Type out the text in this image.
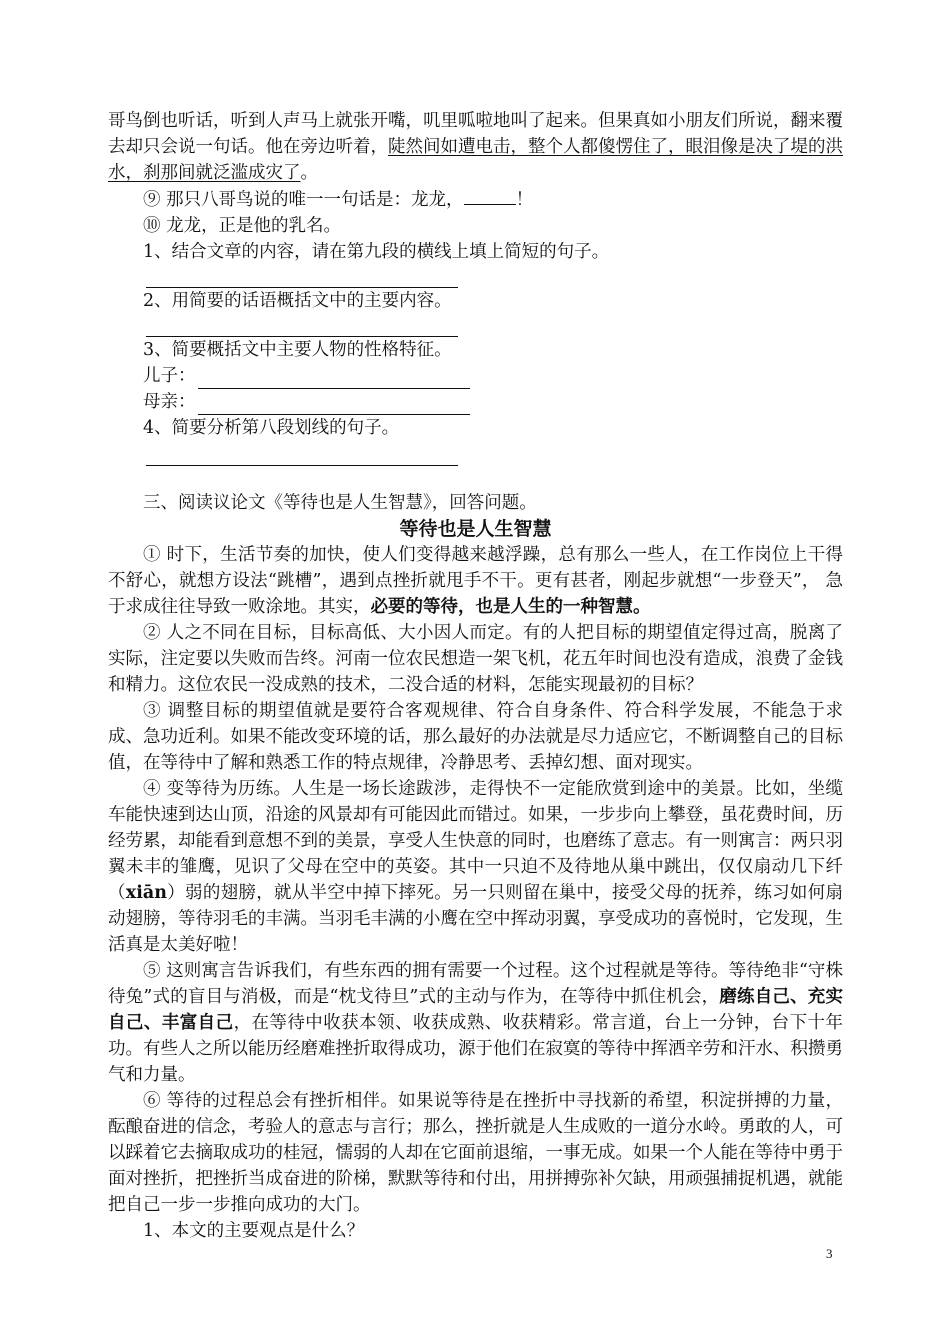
哥鸟倒也听话，听到人声马上就张开嘴，叽里呱啦地叫了起来。但果真如小朋友们所说，翻来覆去却只会说一句话。他在旁边听着，陡然间如遭电击，整个人都傻愣住了，眼泪像是决了堤的洪水，刹那间就泛滥成灾了。

⑨ 那只八哥鸟说的唯一一句话是：龙龙，	！

⑩ 龙龙，正是他的乳名。

1、结合文章的内容，请在第九段的横线上填上简短的句子。

2、用简要的话语概括文中的主要内容。

3、简要概括文中主要人物的性格特征。

儿子：
母亲：

4、简要分析第八段划线的句子。

三、阅读议论文《等待也是人生智慧》，回答问题。

等待也是人生智慧

① 时下，生活节奏的加快，使人们变得越来越浮躁，总有那么一些人，在工作岗位上干得不舒心，就想方设法“跳槽”，遇到点挫折就甩手不干。更有甚者，刚起步就想“一步登天”， 急于求成往往导致一败涂地。其实，必要的等待，也是人生的一种智慧。

② 人之不同在目标，目标高低、大小因人而定。有的人把目标的期望值定得过高，脱离了实际，注定要以失败而告终。河南一位农民想造一架飞机，花五年时间也没有造成，浪费了金钱和精力。这位农民一没成熟的技术，二没合适的材料，怎能实现最初的目标？

③ 调整目标的期望值就是要符合客观规律、符合自身条件、符合科学发展，不能急于求成、急功近利。如果不能改变环境的话，那么最好的办法就是尽力适应它，不断调整自己的目标值，在等待中了解和熟悉工作的特点规律，冷静思考、丢掉幻想、面对现实。

④ 变等待为历练。人生是一场长途跋涉，走得快不一定能欣赏到途中的美景。比如，坐缆车能快速到达山顶，沿途的风景却有可能因此而错过。如果，一步步向上攀登，虽花费时间，历经劳累，却能看到意想不到的美景，享受人生快意的同时，也磨练了意志。有一则寓言：两只羽翼未丰的雏鹰，见识了父母在空中的英姿。其中一只迫不及待地从巢中跳出，仅仅扇动几下纤（xiān）弱的翅膀，就从半空中掉下摔死。另一只则留在巢中，接受父母的抚养，练习如何扇动翅膀，等待羽毛的丰满。当羽毛丰满的小鹰在空中挥动羽翼，享受成功的喜悦时，它发现，生活真是太美好啦！

⑤ 这则寓言告诉我们，有些东西的拥有需要一个过程。这个过程就是等待。等待绝非“守株待兔”式的盲目与消极，而是“枕戈待旦”式的主动与作为，在等待中抓住机会，磨练自己、充实自己、丰富自己，在等待中收获本领、收获成熟、收获精彩。常言道，台上一分钟，台下十年功。有些人之所以能历经磨难挫折取得成功，源于他们在寂寞的等待中挥洒辛劳和汗水、积攒勇气和力量。

⑥ 等待的过程总会有挫折相伴。如果说等待是在挫折中寻找新的希望，积淀拼搏的力量，酝酿奋进的信念，考验人的意志与言行；那么，挫折就是人生成败的一道分水岭。勇敢的人，可以踩着它去摘取成功的桂冠，懦弱的人却在它面前退缩，一事无成。如果一个人能在等待中勇于面对挫折，把挫折当成奋进的阶梯，默默等待和付出，用拼搏弥补欠缺，用顽强捕捉机遇，就能把自己一步一步推向成功的大门。

1、本文的主要观点是什么？

3
